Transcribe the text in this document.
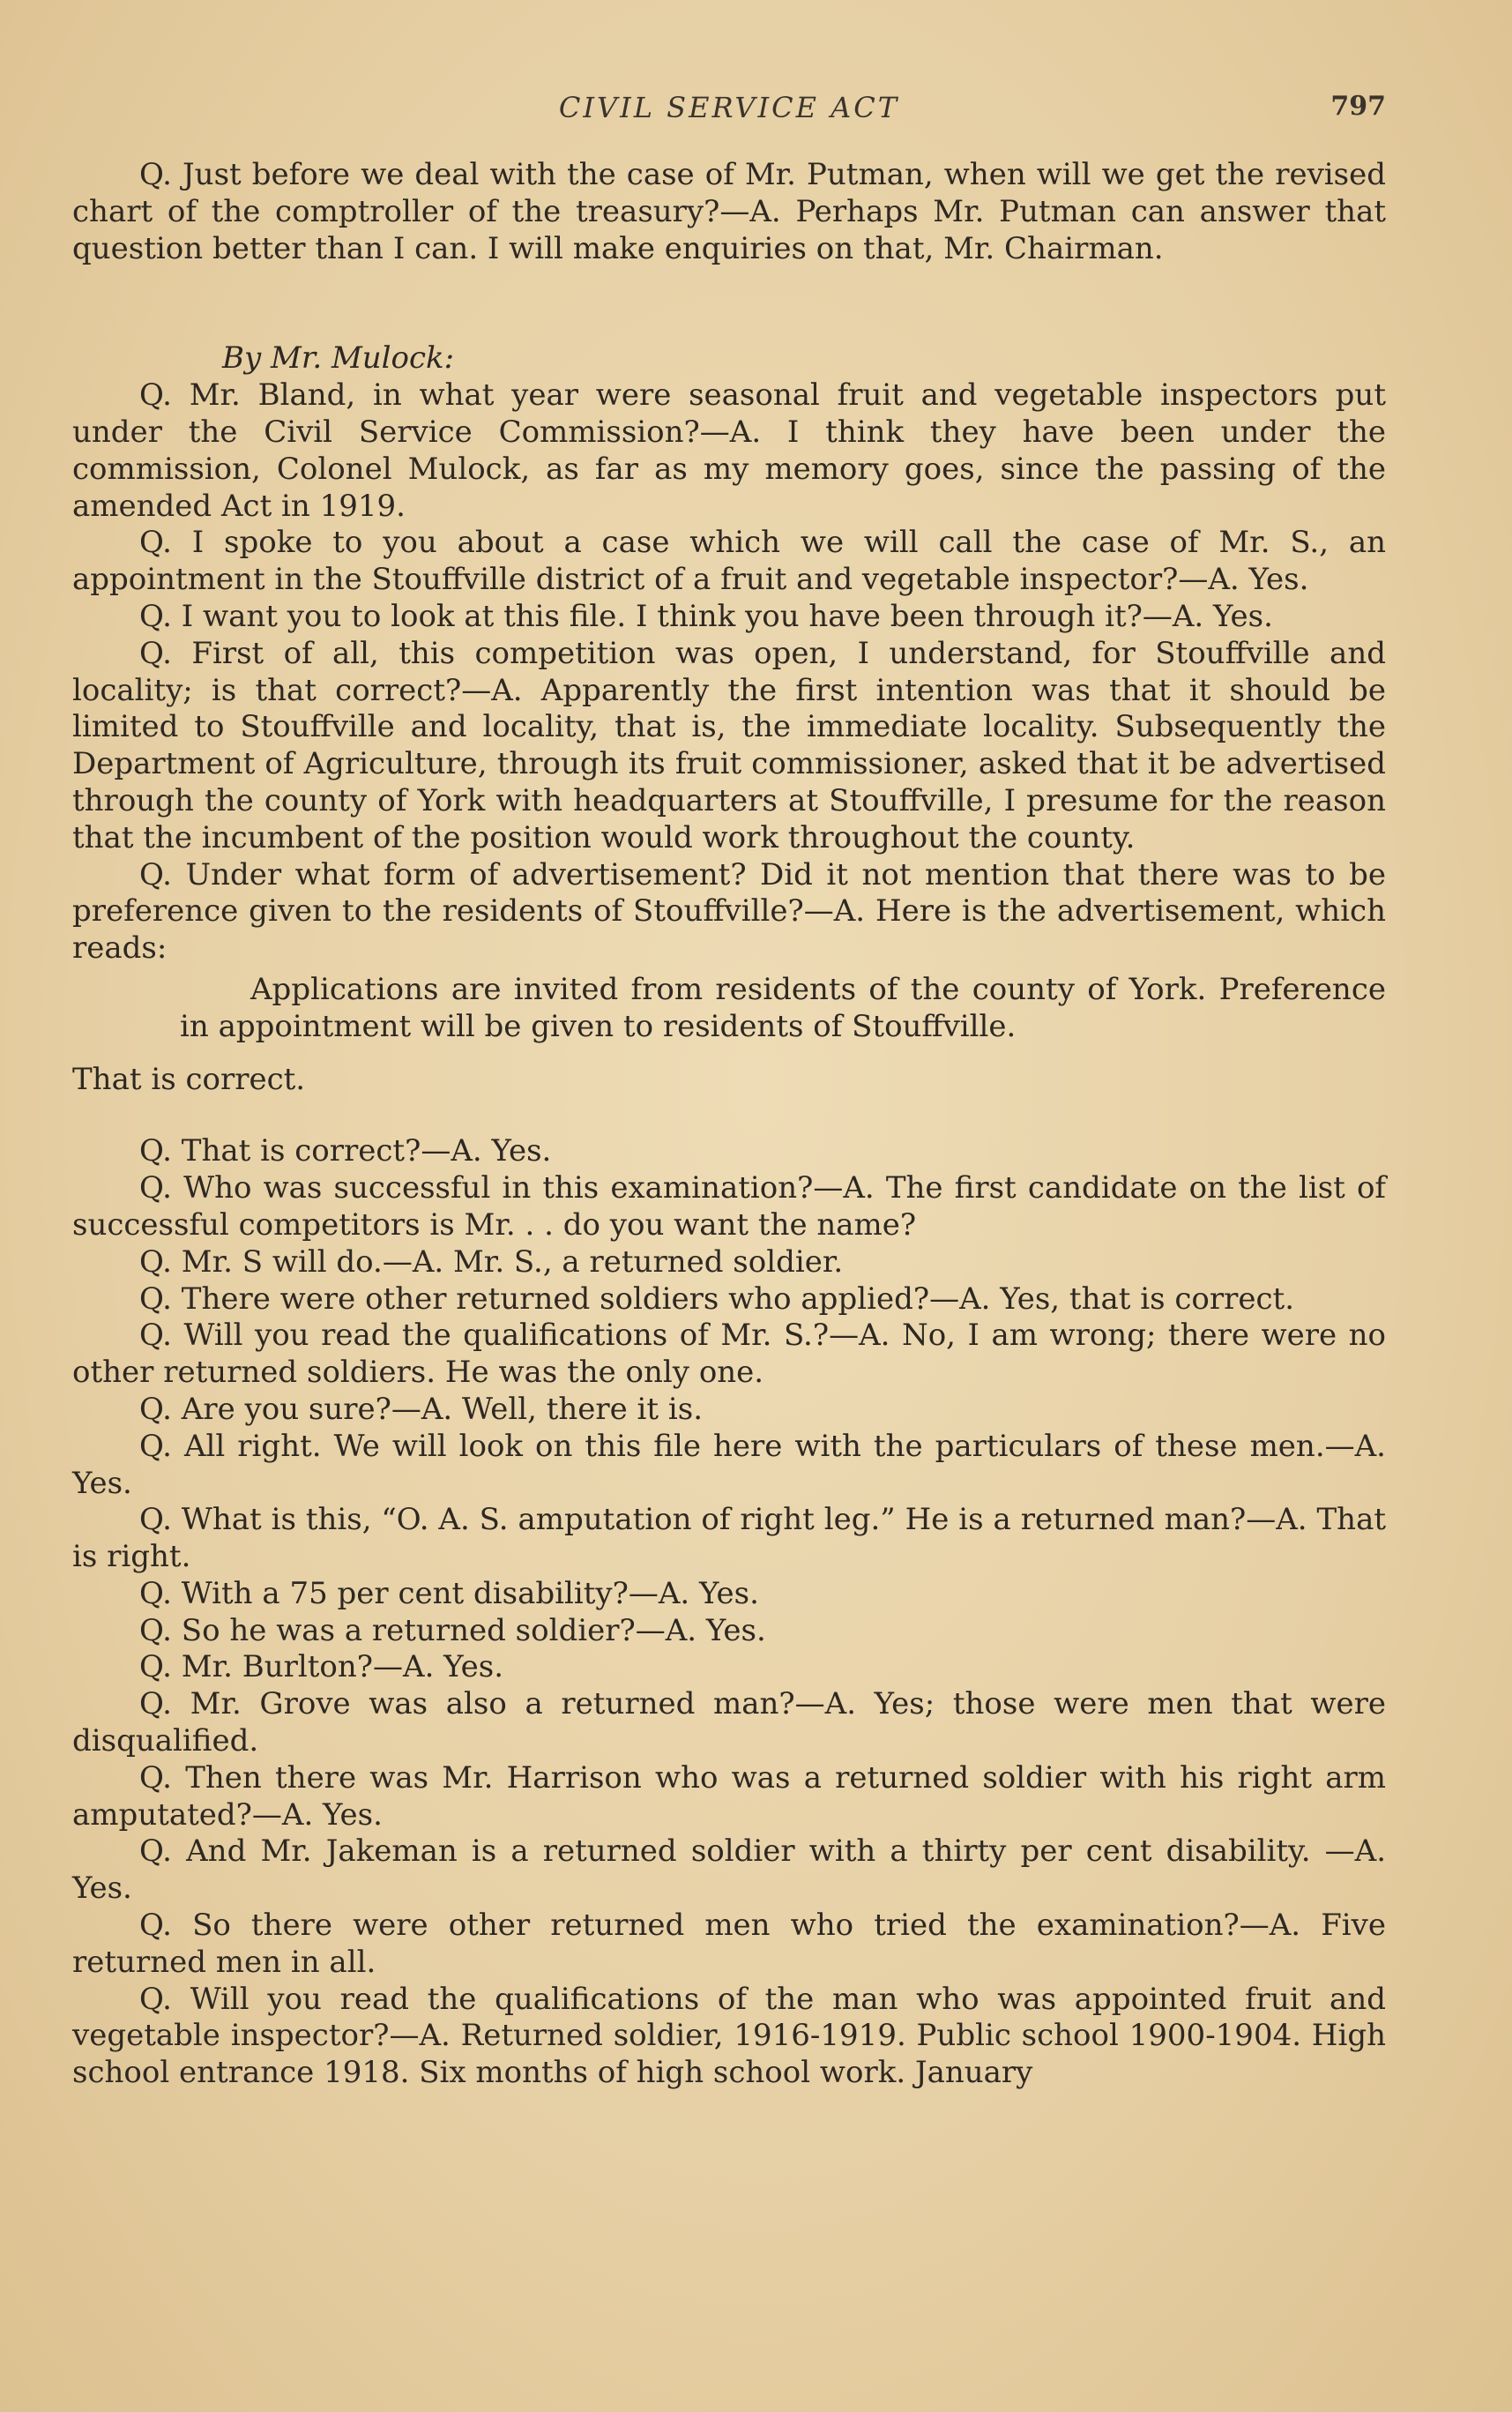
CIVIL SERVICE ACT	797

Q. Just before we deal with the case of Mr. Putman, when will we get the revised chart of the comptroller of the treasury?—A. Perhaps Mr. Putman can answer that question better than I can. I will make enquiries on that, Mr. Chairman.

By Mr. Mulock:

Q. Mr. Bland, in what year were seasonal fruit and vegetable inspectors put under the Civil Service Commission?—A. I think they have been under the commission, Colonel Mulock, as far as my memory goes, since the passing of the amended Act in 1919.

Q. I spoke to you about a case which we will call the case of Mr. S., an appointment in the Stouffville district of a fruit and vegetable inspector?—A. Yes.

Q. I want you to look at this file. I think you have been through it?—A. Yes.

Q. First of all, this competition was open, I understand, for Stouffville and locality; is that correct?—A. Apparently the first intention was that it should be limited to Stouffville and locality, that is, the immediate locality. Subsequently the Department of Agriculture, through its fruit commissioner, asked that it be advertised through the county of York with headquarters at Stouffville, I presume for the reason that the incumbent of the position would work throughout the county.

Q. Under what form of advertisement? Did it not mention that there was to be preference given to the residents of Stouffville?—A. Here is the advertisement, which reads:

Applications are invited from residents of the county of York. Preference in appointment will be given to residents of Stouffville.

That is correct.

Q. That is correct?—A. Yes.

Q. Who was successful in this examination?—A. The first candidate on the list of successful competitors is Mr. . . do you want the name?

Q. Mr. S will do.—A. Mr. S., a returned soldier.

Q. There were other returned soldiers who applied?—A. Yes, that is correct.

Q. Will you read the qualifications of Mr. S.?—A. No, I am wrong; there were no other returned soldiers. He was the only one.

Q. Are you sure?—A. Well, there it is.

Q. All right. We will look on this file here with the particulars of these men.—A. Yes.

Q. What is this, “O. A. S. amputation of right leg.” He is a returned man?—A. That is right.

Q. With a 75 per cent disability?—A. Yes.

Q. So he was a returned soldier?—A. Yes.

Q. Mr. Burlton?—A. Yes.

Q. Mr. Grove was also a returned man?—A. Yes; those were men that were disqualified.

Q. Then there was Mr. Harrison who was a returned soldier with his right arm amputated?—A. Yes.

Q. And Mr. Jakeman is a returned soldier with a thirty per cent disability. —A. Yes.

Q. So there were other returned men who tried the examination?—A. Five returned men in all.

Q. Will you read the qualifications of the man who was appointed fruit and vegetable inspector?—A. Returned soldier, 1916-1919. Public school 1900-1904. High school entrance 1918. Six months of high school work. January
